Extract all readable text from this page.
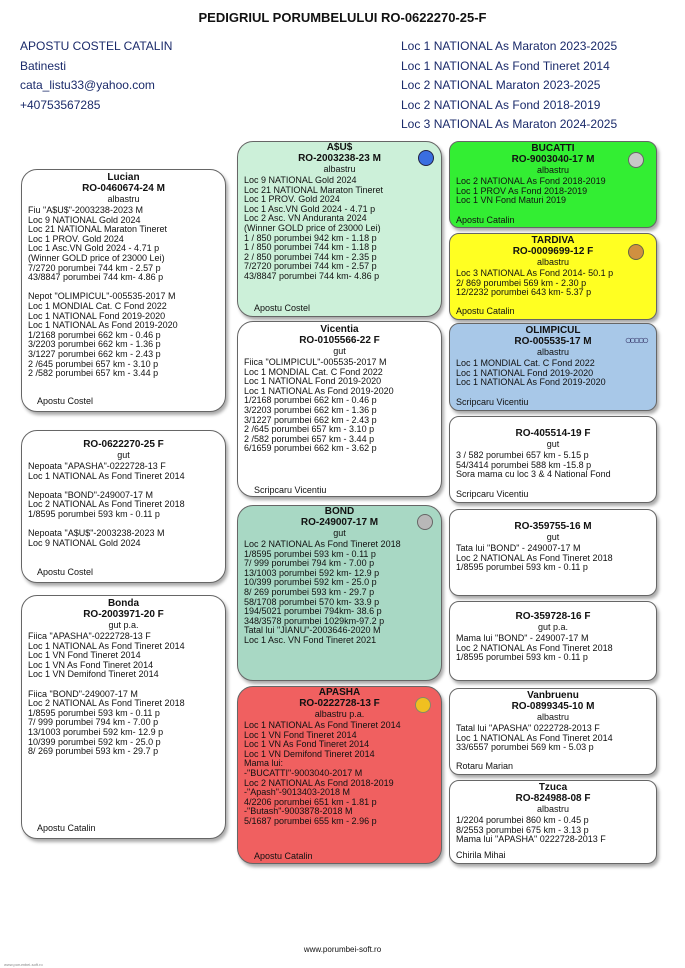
PEDIGRIUL PORUMBELULUI RO-0622270-25-F
APOSTU COSTEL CATALIN
Batinesti
cata_listu33@yahoo.com
+40753567285
Loc 1 NATIONAL As Maraton 2023-2025
Loc 1 NATIONAL As Fond Tineret 2014
Loc 2 NATIONAL Maraton 2023-2025
Loc 2 NATIONAL As Fond 2018-2019
Loc 3 NATIONAL As Maraton 2024-2025
Lucian
RO-0460674-24 M
albastru
Fiu "A$U$"-2003238-2023 M
Loc 9 NATIONAL Gold 2024
Loc 21 NATIONAL Maraton Tineret
Loc 1 PROV. Gold 2024
Loc 1 Asc.VN Gold 2024 - 4.71 p
(Winner GOLD price of 23000 Lei)
7/2720 porumbei 744 km - 2.57 p
43/8847 porumbei 744 km- 4.86 p

Nepot "OLIMPICUL"-005535-2017 M
Loc 1 MONDIAL Cat. C Fond 2022
Loc 1 NATIONAL Fond 2019-2020
Loc 1 NATIONAL As Fond 2019-2020
1/2168 porumbei 662 km - 0.46 p
3/2203 porumbei 662 km - 1.36 p
3/1227 porumbei 662 km - 2.43 p
2 /645 porumbei 657 km - 3.10 p
2 /582 porumbei 657 km - 3.44 p
Apostu Costel
RO-0622270-25 F
gut
Nepoata "APASHA"-0222728-13 F
Loc 1 NATIONAL As Fond Tineret 2014

Nepoata "BOND"-249007-17 M
Loc 2 NATIONAL As Fond Tineret 2018
1/8595 porumbei 593 km - 0.11 p

Nepoata "A$U$"-2003238-2023 M
Loc 9 NATIONAL Gold 2024
Apostu Costel
Bonda
RO-2003971-20 F
gut p.a.
Fiica "APASHA"-0222728-13 F
Loc 1 NATIONAL As Fond Tineret 2014
Loc 1 VN Fond Tineret 2014
Loc 1 VN As Fond Tineret 2014
Loc 1 VN Demifond Tineret 2014

Fiica "BOND"-249007-17 M
Loc 2 NATIONAL As Fond Tineret 2018
1/8595 porumbei 593 km - 0.11 p
7/ 999 porumbei 794 km - 7.00 p
13/1003 porumbei 592 km- 12.9 p
10/399 porumbei 592 km - 25.0 p
8/ 269 porumbei 593 km - 29.7 p
Apostu Catalin
A$U$
RO-2003238-23 M
albastru
Loc 9 NATIONAL Gold 2024
Loc 21 NATIONAL Maraton Tineret
Loc 1 PROV. Gold 2024
Loc 1 Asc.VN Gold 2024 - 4.71 p
Loc 2 Asc. VN Anduranta 2024
(Winner GOLD price of 23000 Lei)
1 / 850 porumbei 942 km - 1.18 p
1 / 850 porumbei 744 km - 1.18 p
2 / 850 porumbei 744 km - 2.35 p
7/2720 porumbei 744 km - 2.57 p
43/8847 porumbei 744 km- 4.86 p
Apostu Costel
Vicentia
RO-0105566-22 F
gut
Fiica "OLIMPICUL"-005535-2017 M
Loc 1 MONDIAL Cat. C Fond 2022
Loc 1 NATIONAL Fond 2019-2020
Loc 1 NATIONAL As Fond 2019-2020
1/2168 porumbei 662 km - 0.46 p
3/2203 porumbei 662 km - 1.36 p
3/1227 porumbei 662 km - 2.43 p
2 /645 porumbei 657 km - 3.10 p
2 /582 porumbei 657 km - 3.44 p
6/1659 porumbei 662 km - 3.62 p
Scripcaru Vicentiu
BOND
RO-249007-17 M
gut
Loc 2 NATIONAL As Fond Tineret 2018
1/8595 porumbei 593 km - 0.11 p
7/ 999 porumbei 794 km - 7.00 p
13/1003 porumbei 592 km- 12.9 p
10/399 porumbei 592 km - 25.0 p
8/ 269 porumbei 593 km - 29.7 p
58/1708 porumbei 570 km- 33.9 p
194/5021 porumbei 794km- 38.6 p
348/3578 porumbei 1029km-97.2 p
Tatal lui "JIANU"-2003646-2020 M
Loc 1 Asc. VN Fond Tineret 2021
APASHA
RO-0222728-13 F
albastru p.a.
Loc 1 NATIONAL As Fond Tineret 2014
Loc 1 VN Fond Tineret 2014
Loc 1 VN As Fond Tineret 2014
Loc 1 VN Demifond Tineret 2014
Mama lui:
-"BUCATTI"-9003040-2017 M
Loc 2 NATIONAL As Fond 2018-2019
-"Apash"-9013403-2018 M
4/2206 porumbei 651 km - 1.81 p
-"Butash"-9003878-2018 M
5/1687 porumbei 655 km - 2.96 p
Apostu Catalin
BUCATTI
RO-9003040-17 M
albastru
Loc 2 NATIONAL As Fond 2018-2019
Loc 1 PROV As Fond 2018-2019
Loc 1 VN Fond Maturi 2019
Apostu Catalin
TARDIVA
RO-0009699-12 F
albastru
Loc 3 NATIONAL As Fond 2014- 50.1 p
2/ 869 porumbei 569 km - 2.30 p
12/2232 porumbei 643 km- 5.37 p
Apostu Catalin
○○○○○
OLIMPICUL
RO-005535-17 M
albastru
Loc 1 MONDIAL Cat. C Fond 2022
Loc 1 NATIONAL Fond 2019-2020
Loc 1 NATIONAL As Fond 2019-2020
Scripcaru Vicentiu
RO-405514-19 F
gut
3 / 582 porumbei 657 km - 5.15 p
54/3414 porumbei 588 km -15.8 p
Sora mama cu loc 3 & 4 National Fond
Scripcaru Vicentiu
RO-359755-16 M
gut
Tata lui "BOND" - 249007-17 M
Loc 2 NATIONAL As Fond Tineret 2018
1/8595 porumbei 593 km - 0.11 p
RO-359728-16 F
gut p.a.
Mama lui "BOND" - 249007-17 M
Loc 2 NATIONAL As Fond Tineret 2018
1/8595 porumbei 593 km - 0.11 p
Vanbruenu
RO-0899345-10 M
albastru
Tatal lui "APASHA" 0222728-2013 F
Loc 1 NATIONAL As Fond Tineret 2014
33/6557 porumbei 569 km - 5.03 p
Rotaru Marian
Tzuca
RO-824988-08 F
albastru
1/2204 porumbei 860 km - 0.45 p
8/2553 porumbei 675 km - 3.13 p
Mama lui "APASHA" 0222728-2013 F
Chirila Mihai
www.porumbei-soft.ro
www.porumbei-soft.ro
